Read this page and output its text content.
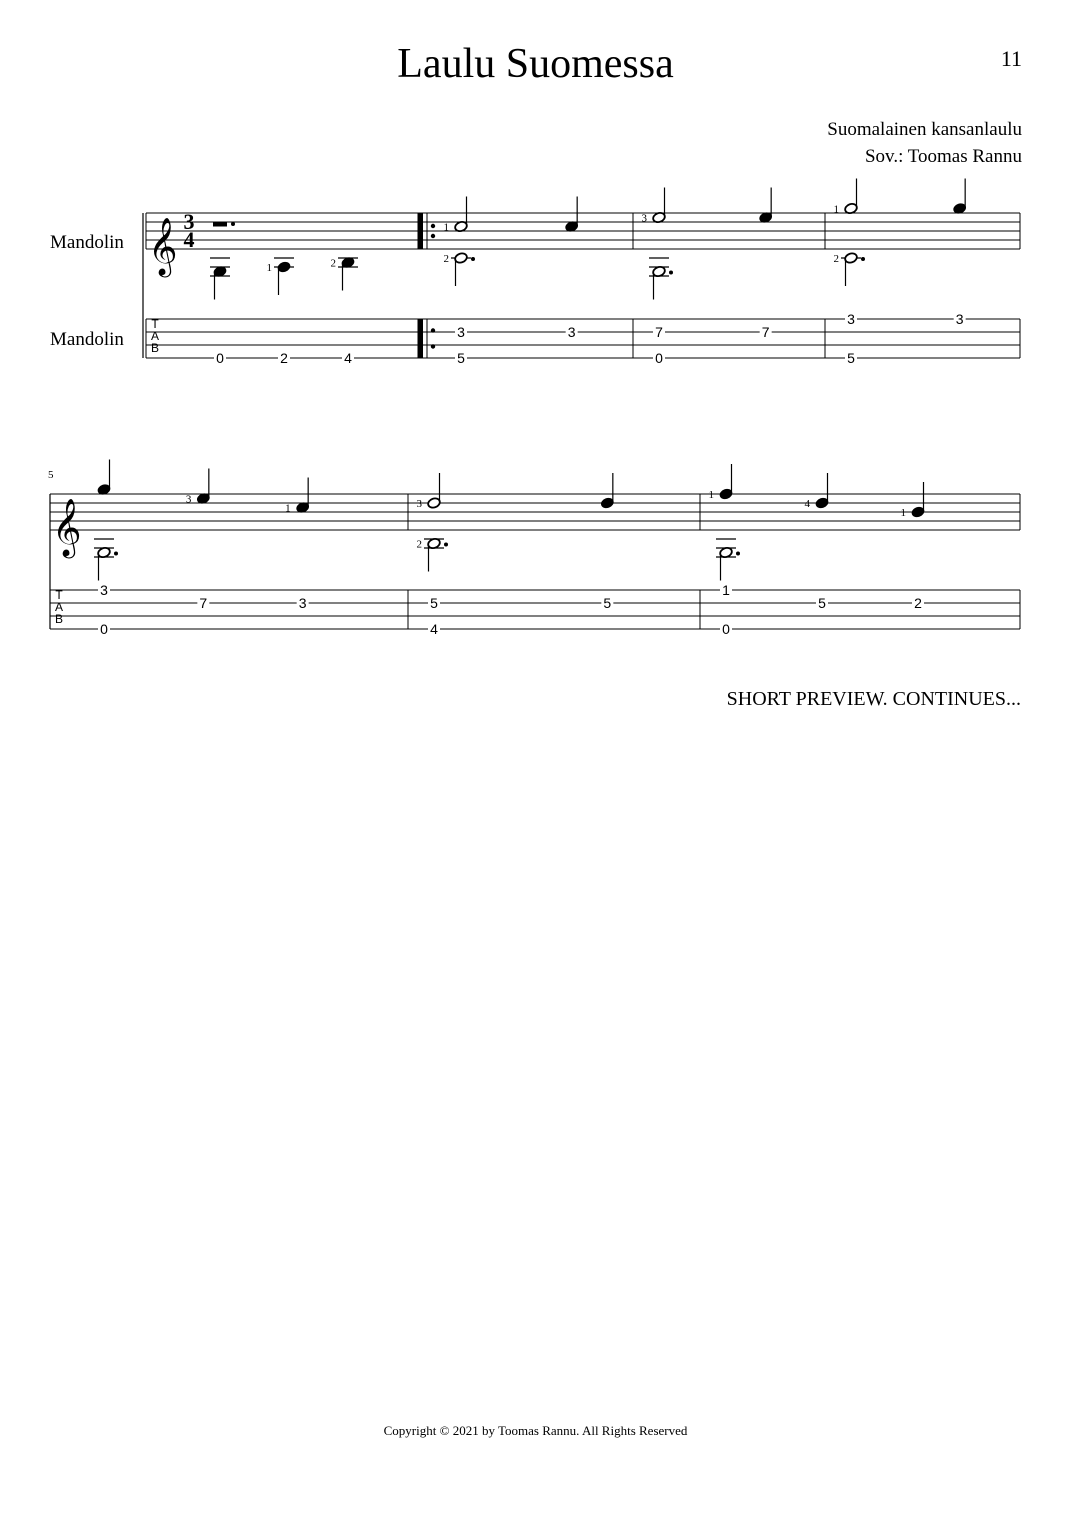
Laulu Suomessa	11
Suomalainen kansanlaulu
Sov.: Toomas Rannu
Mandolin
Mandolin
𝄞
T
A
B
3
4
1	2
0	2	4
1
2
3	3
5
3
7	7
0
1
2
3	3
5
𝄞
T
A
B
5
3
1
3
7	3
0
3
2
5	5
4
1
4
1
1
5	2
0
SHORT PREVIEW. CONTINUES...
Copyright © 2021 by Toomas Rannu. All Rights Reserved
